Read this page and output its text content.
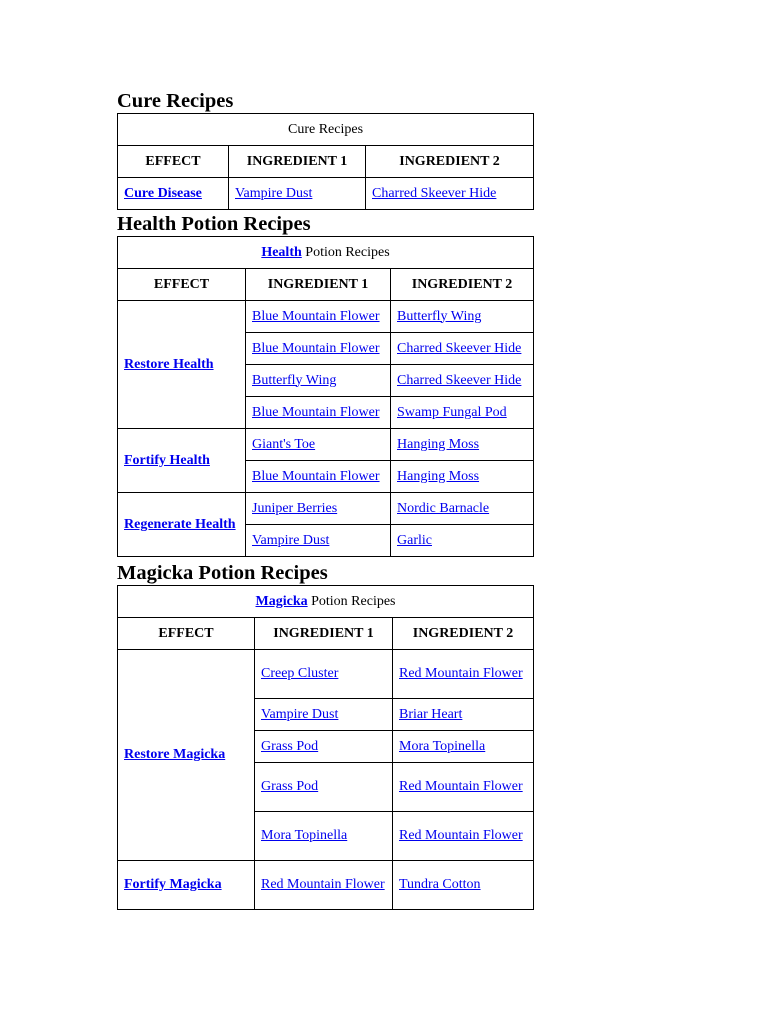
Cure Recipes
Cure Recipes		
EFFECT	INGREDIENT 1	INGREDIENT 2
Cure Disease	Vampire Dust	Charred Skeever Hide
Health Potion Recipes
Health Potion Recipes		
EFFECT	INGREDIENT 1	INGREDIENT 2
Restore Health	Blue Mountain Flower	Butterfly Wing
	Blue Mountain Flower	Charred Skeever Hide
	Butterfly Wing	Charred Skeever Hide
	Blue Mountain Flower	Swamp Fungal Pod
Fortify Health	Giant's Toe	Hanging Moss
	Blue Mountain Flower	Hanging Moss
Regenerate Health	Juniper Berries	Nordic Barnacle
	Vampire Dust	Garlic
Magicka Potion Recipes
Magicka Potion Recipes		
EFFECT	INGREDIENT 1	INGREDIENT 2
Restore Magicka	Creep Cluster	Red Mountain Flower
	Vampire Dust	Briar Heart
	Grass Pod	Mora Topinella
	Grass Pod	Red Mountain Flower
	Mora Topinella	Red Mountain Flower
Fortify Magicka	Red Mountain Flower	Tundra Cotton
